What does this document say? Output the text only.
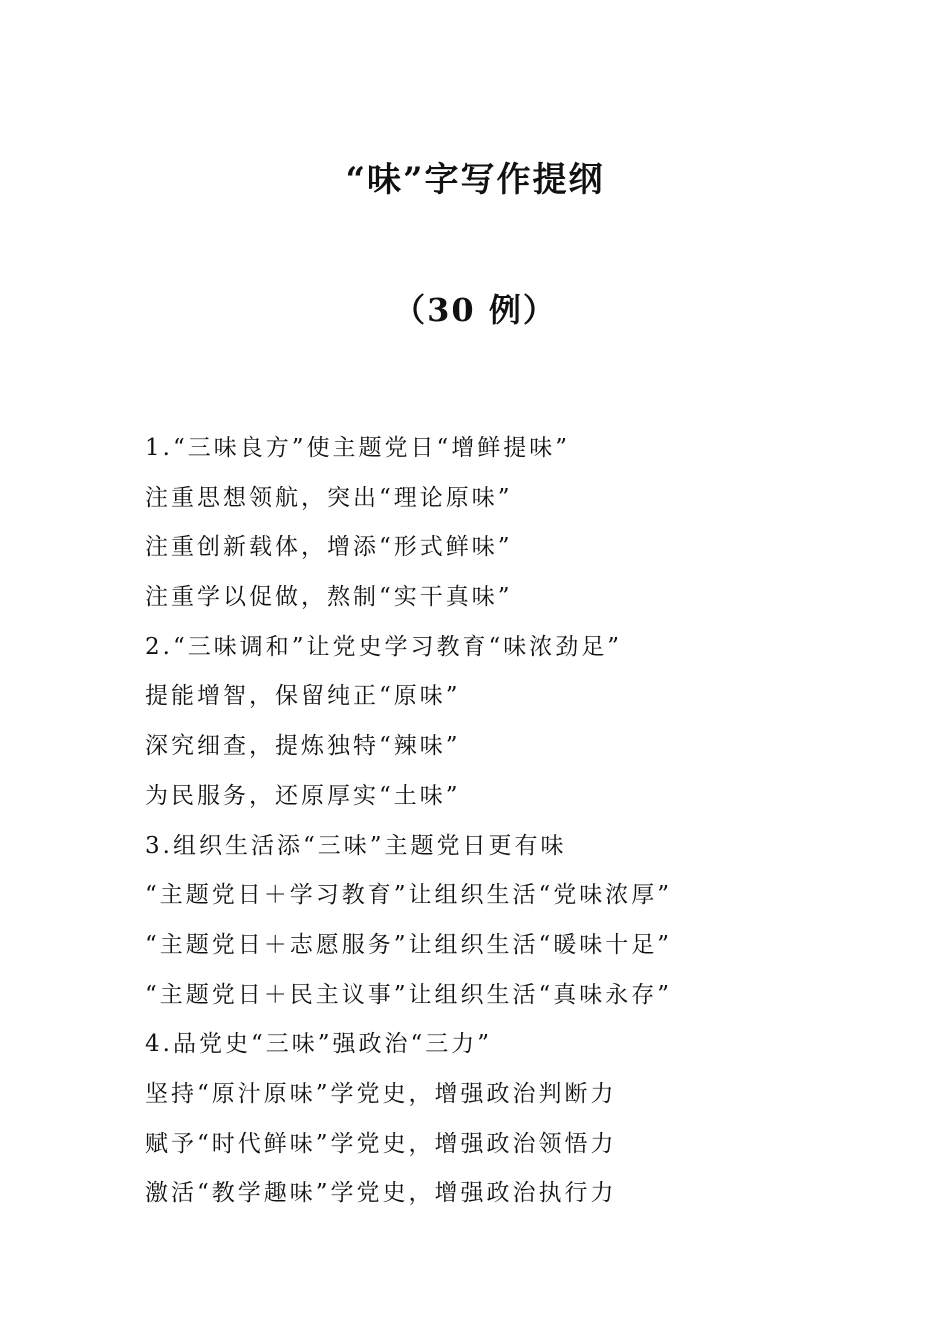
“味”字写作提纲
（30 例）
1.“三味良方”使主题党日“增鲜提味”
注重思想领航，突出“理论原味”
注重创新载体，增添“形式鲜味”
注重学以促做，熬制“实干真味”
2.“三味调和”让党史学习教育“味浓劲足”
提能增智，保留纯正“原味”
深究细查，提炼独特“辣味”
为民服务，还原厚实“土味”
3.组织生活添“三味”主题党日更有味
“主题党日＋学习教育”让组织生活“党味浓厚”
“主题党日＋志愿服务”让组织生活“暖味十足”
“主题党日＋民主议事”让组织生活“真味永存”
4.品党史“三味”强政治“三力”
坚持“原汁原味”学党史，增强政治判断力
赋予“时代鲜味”学党史，增强政治领悟力
激活“教学趣味”学党史，增强政治执行力
